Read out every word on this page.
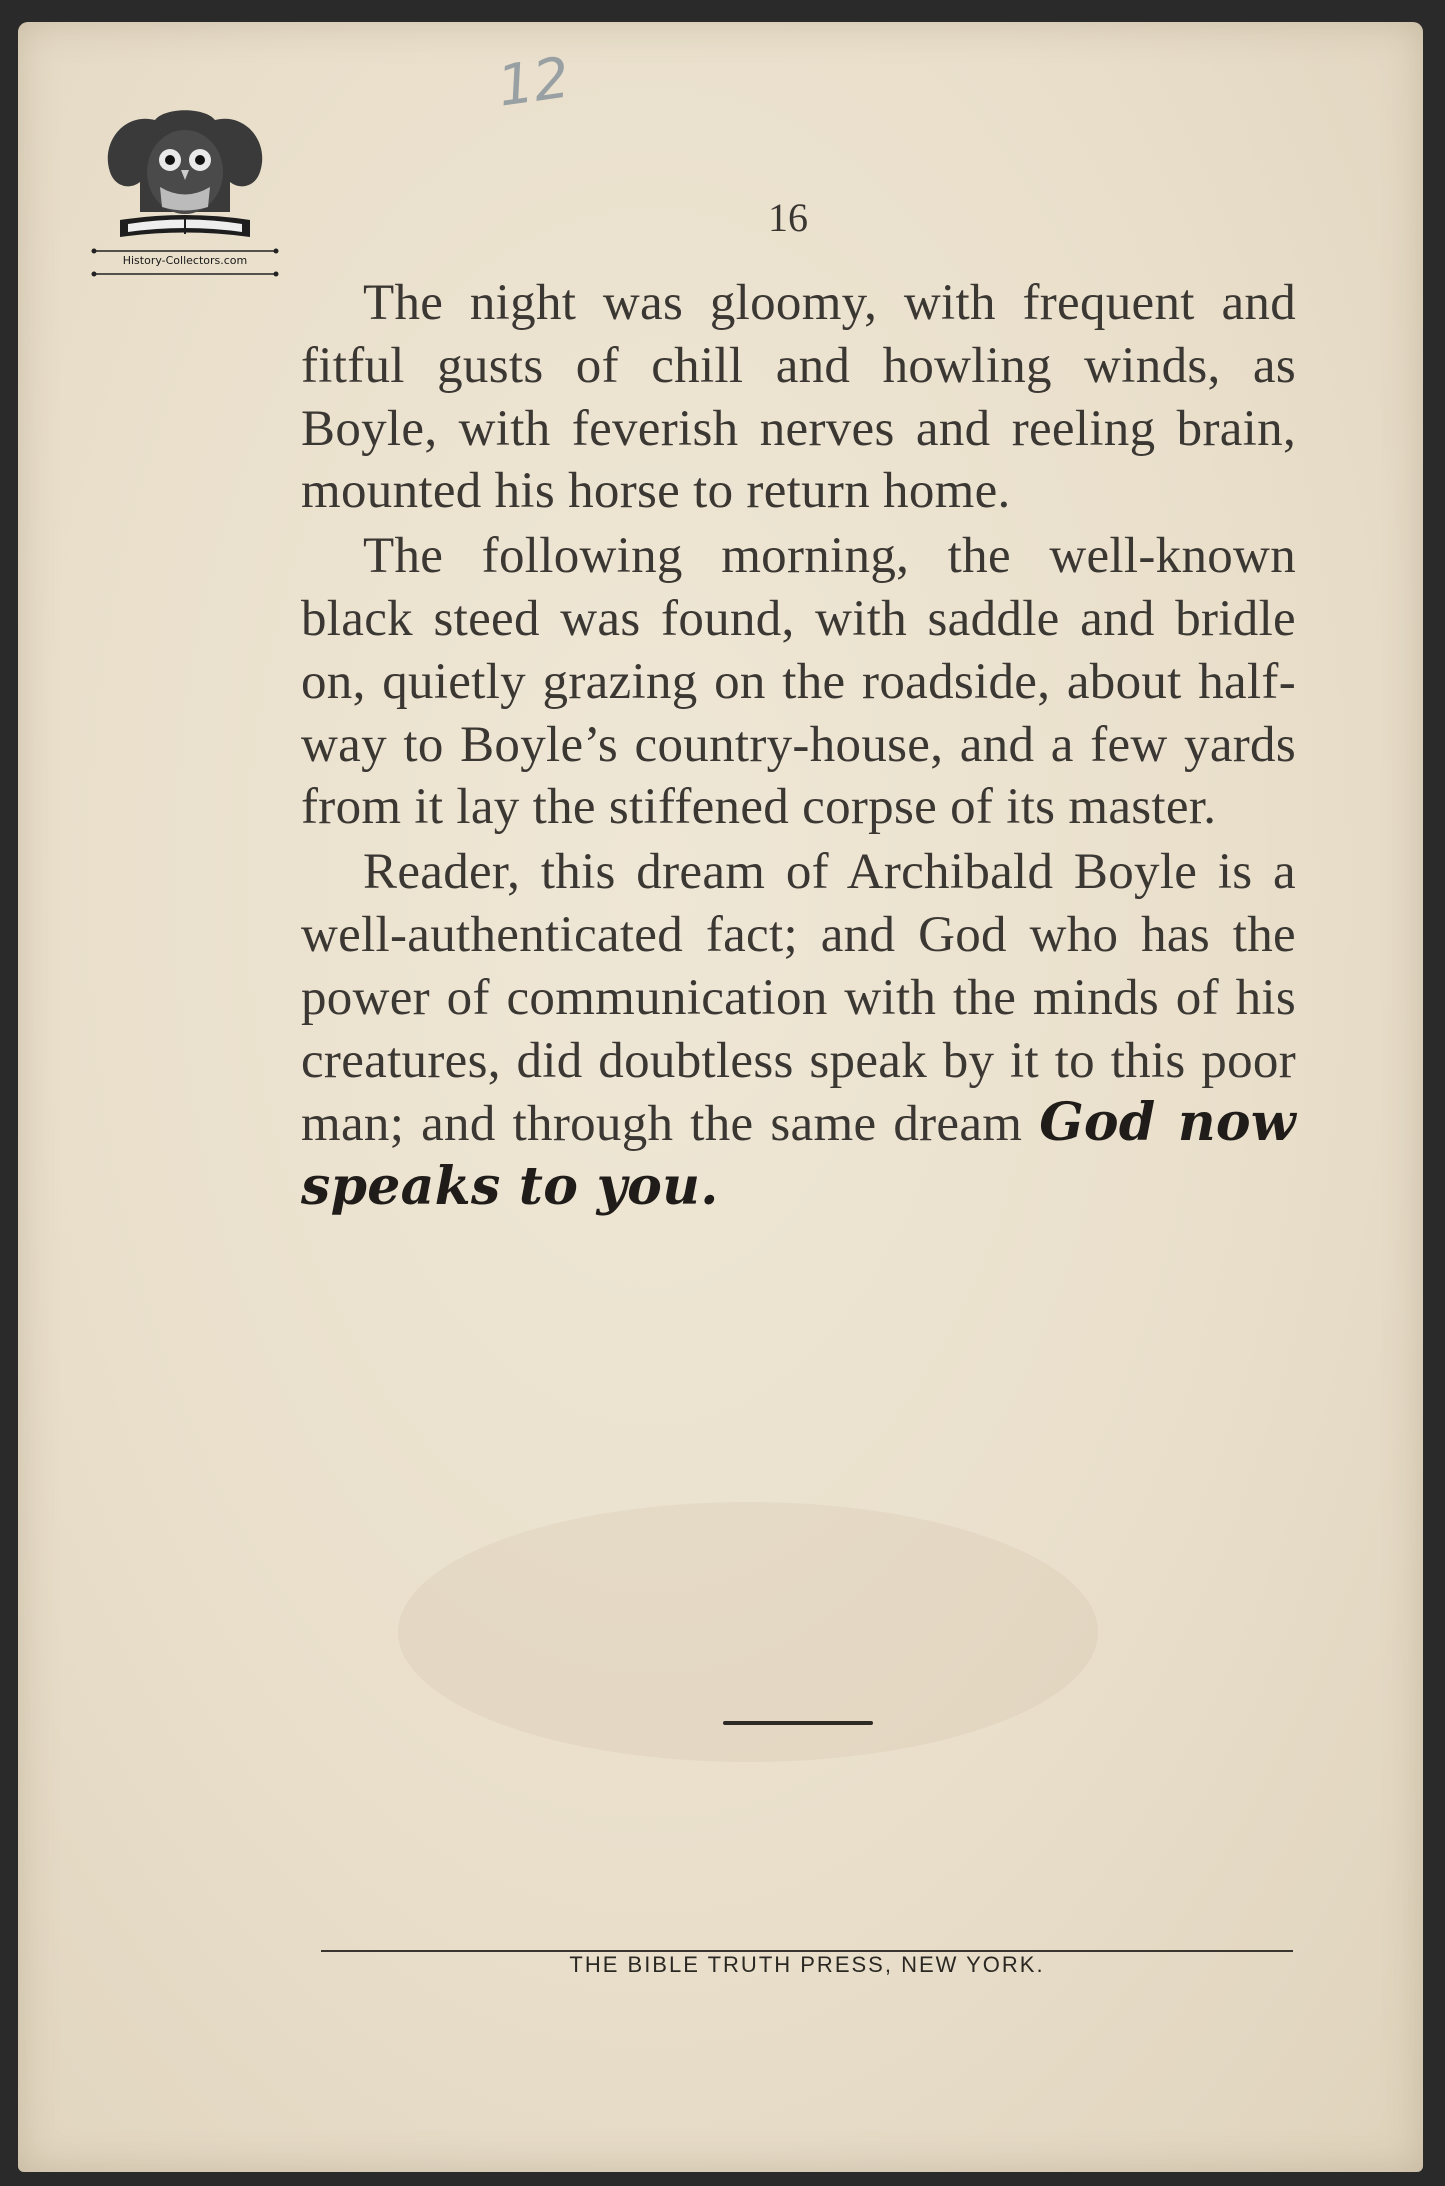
12
History-Collectors.com
16

The night was gloomy, with frequent and fitful gusts of chill and howling winds, as Boyle, with feverish nerves and reeling brain, mounted his horse to return home.

The following morning, the well-known black steed was found, with saddle and bridle on, quietly grazing on the roadside, about half-way to Boyle’s country-house, and a few yards from it lay the stiffened corpse of its master.

Reader, this dream of Archibald Boyle is a well-authenticated fact; and God who has the power of communication with the minds of his creatures, did doubtless speak by it to this poor man; and through the same dream God now speaks to you.

THE BIBLE TRUTH PRESS, NEW YORK.
